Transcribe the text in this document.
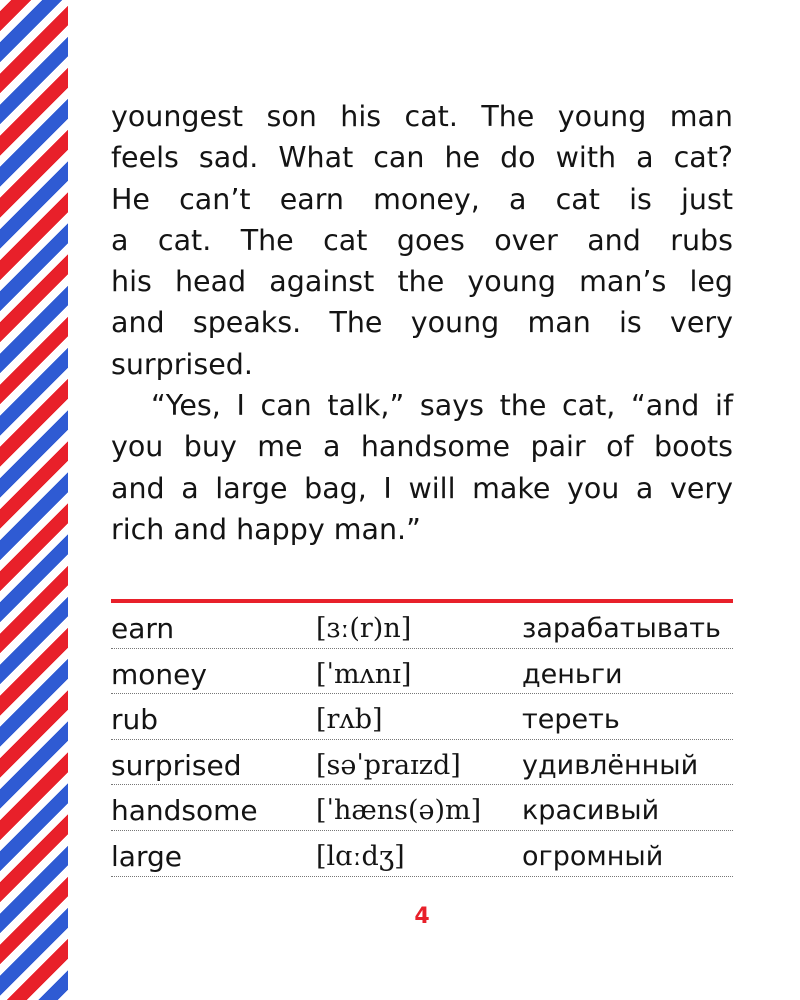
youngest son his cat. The young man

feels sad. What can he do with a cat?

He can’t earn money, a cat is just

a cat. The cat goes over and rubs

his head against the young man’s leg

and speaks. The young man is very

surprised.

“Yes, I can talk,” says the cat, “and if

you buy me a handsome pair of boots

and a large bag, I will make you a very

rich and happy man.”

earn	[ɜː(r)n]	зарабатывать
money	[ˈmʌnɪ]	деньги
rub	[rʌb]	тереть
surprised	[səˈpraɪzd] удивлённый
handsome [ˈhæns(ə)m] красивый
large	[lɑːdʒ]	огромный
4
